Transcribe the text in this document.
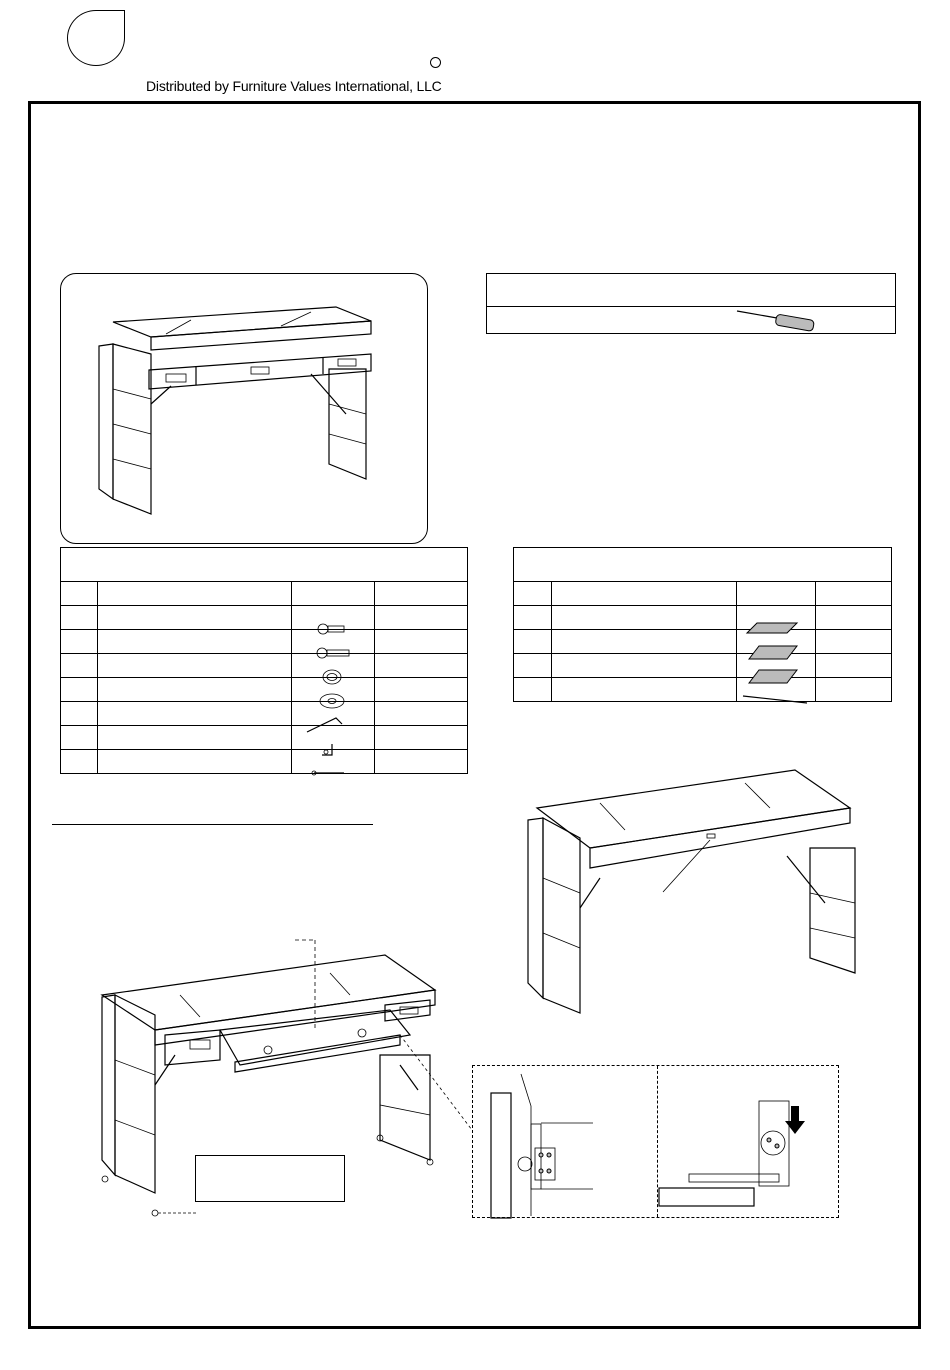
Distributed by Furniture Values International, LLC
